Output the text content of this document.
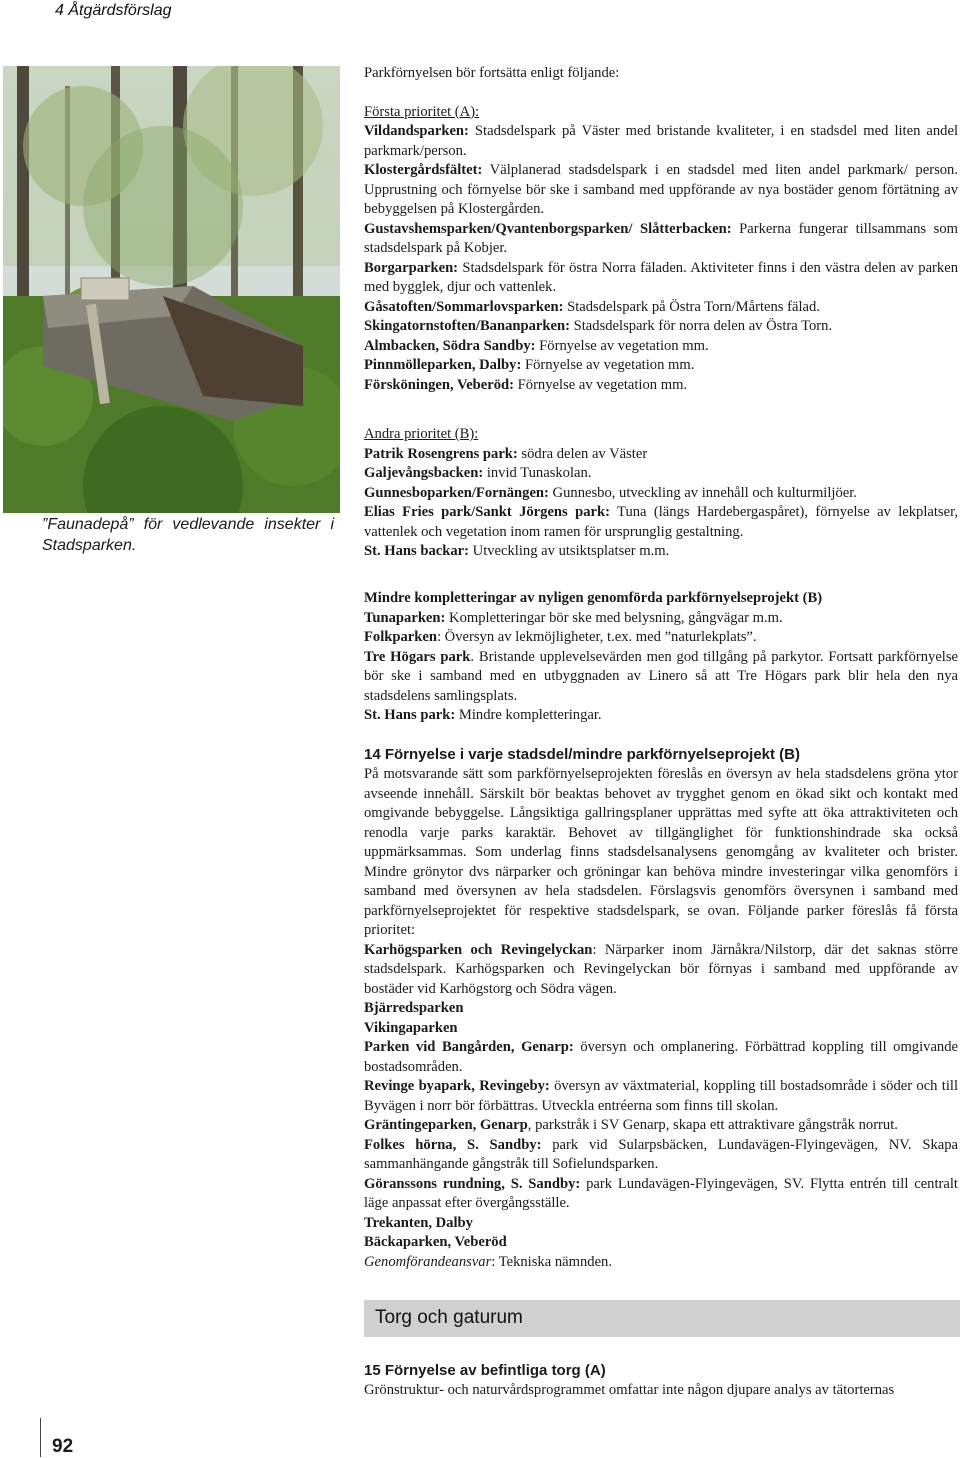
4 Åtgärdsförslag
”Faunadepå” för vedlevande insekter i Stadsparken.

Parkförnyelsen bör fortsätta enligt följande:

Första prioritet (A):

Vildandsparken: Stadsdelspark på Väster med bristande kvaliteter, i en stadsdel med liten andel parkmark/person.

Klostergårdsfältet: Välplanerad stadsdelspark i en stadsdel med liten andel parkmark/ person. Upprustning och förnyelse bör ske i samband med uppförande av nya bostäder genom förtätning av bebyggelsen på Klostergården.

Gustavshemsparken/Qvantenborgsparken/ Slåtterbacken: Parkerna fungerar tillsammans som stadsdelspark på Kobjer.

Borgarparken: Stadsdelspark för östra Norra fäladen. Aktiviteter finns i den västra delen av parken med bygglek, djur och vattenlek.

Gåsatoften/Sommarlovsparken: Stadsdelspark på Östra Torn/Mårtens fälad.

Skingatornstoften/Bananparken: Stadsdelspark för norra delen av Östra Torn.

Almbacken, Södra Sandby: Förnyelse av vegetation mm.

Pinnmölleparken, Dalby: Förnyelse av vegetation mm.

Försköningen, Veberöd: Förnyelse av vegetation mm.

Andra prioritet (B):

Patrik Rosengrens park: södra delen av Väster

Galjevångsbacken: invid Tunaskolan.

Gunnesboparken/Fornängen: Gunnesbo, utveckling av innehåll och kulturmiljöer.

Elias Fries park/Sankt Jörgens park: Tuna (längs Hardebergaspåret), förnyelse av lekplatser, vattenlek och vegetation inom ramen för ursprunglig gestaltning.

St. Hans backar: Utveckling av utsiktsplatser m.m.

Mindre kompletteringar av nyligen genomförda parkförnyelseprojekt (B)

Tunaparken: Kompletteringar bör ske med belysning, gångvägar m.m.

Folkparken: Översyn av lekmöjligheter, t.ex. med ”naturlekplats”.

Tre Högars park. Bristande upplevelsevärden men god tillgång på parkytor. Fortsatt parkförnyelse bör ske i samband med en utbyggnaden av Linero så att Tre Högars park blir hela den nya stadsdelens samlingsplats.

St. Hans park: Mindre kompletteringar.

14 Förnyelse i varje stadsdel/mindre parkförnyelseprojekt (B)

På motsvarande sätt som parkförnyelseprojekten föreslås en översyn av hela stadsdelens gröna ytor avseende innehåll. Särskilt bör beaktas behovet av trygghet genom en ökad sikt och kontakt med omgivande bebyggelse. Långsiktiga gallringsplaner upprättas med syfte att öka attraktiviteten och renodla varje parks karaktär. Behovet av tillgänglighet för funktionshindrade ska också uppmärksammas. Som underlag finns stadsdelsanalysens genomgång av kvaliteter och brister. Mindre grönytor dvs närparker och gröningar kan behöva mindre investeringar vilka genomförs i samband med översynen av hela stadsdelen. Förslagsvis genomförs översynen i samband med parkförnyelseprojektet för respektive stadsdelspark, se ovan. Följande parker föreslås få första prioritet:

Karhögsparken och Revingelyckan: Närparker inom Järnåkra/Nilstorp, där det saknas större stadsdelspark. Karhögsparken och Revingelyckan bör förnyas i samband med uppförande av bostäder vid Karhögstorg och Södra vägen.

Bjärredsparken

Vikingaparken

Parken vid Bangården, Genarp: översyn och omplanering. Förbättrad koppling till omgivande bostadsområden.

Revinge byapark, Revingeby: översyn av växtmaterial, koppling till bostadsområde i söder och till Byvägen i norr bör förbättras. Utveckla entréerna som finns till skolan.

Gräntingeparken, Genarp, parkstråk i SV Genarp, skapa ett attraktivare gångstråk norrut.

Folkes hörna, S. Sandby: park vid Sularpsbäcken, Lundavägen-Flyingevägen, NV. Skapa sammanhängande gångstråk till Sofielundsparken.

Göranssons rundning, S. Sandby: park Lundavägen-Flyingevägen, SV. Flytta entrén till centralt läge anpassat efter övergångsställe.

Trekanten, Dalby

Bäckaparken, Veberöd

Genomförandeansvar: Tekniska nämnden.

Torg och gaturum

15 Förnyelse av befintliga torg (A)

Grönstruktur- och naturvårdsprogrammet omfattar inte någon djupare analys av tätorternas

92
